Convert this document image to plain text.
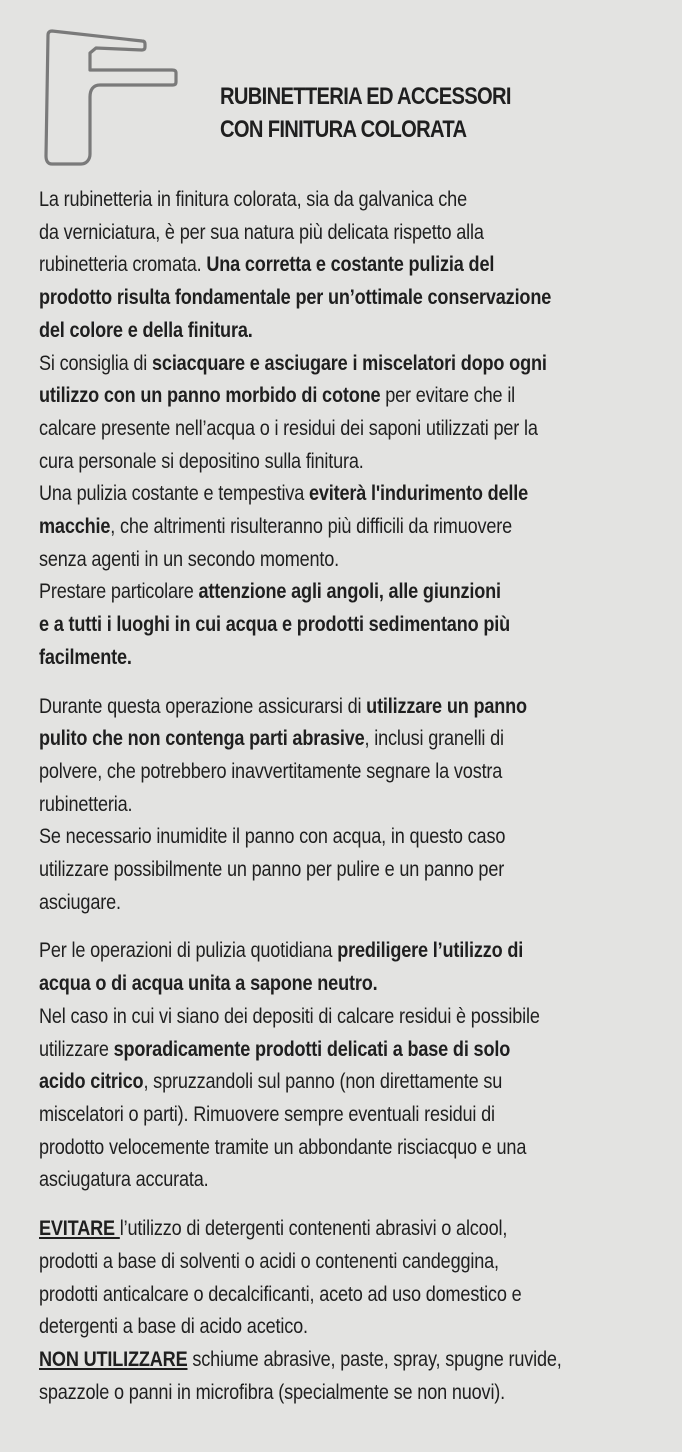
RUBINETTERIA ED ACCESSORI
CON FINITURA COLORATA

La rubinetteria in finitura colorata, sia da galvanica che
da verniciatura, è per sua natura più delicata rispetto alla
rubinetteria cromata. Una corretta e costante pulizia del
prodotto risulta fondamentale per un’ottimale conservazione
del colore e della finitura.

Si consiglia di sciacquare e asciugare i miscelatori dopo ogni
utilizzo con un panno morbido di cotone per evitare che il
calcare presente nell’acqua o i residui dei saponi utilizzati per la
cura personale si depositino sulla finitura.

Una pulizia costante e tempestiva eviterà l'indurimento delle
macchie, che altrimenti risulteranno più difficili da rimuovere
senza agenti in un secondo momento.

Prestare particolare attenzione agli angoli, alle giunzioni
e a tutti i luoghi in cui acqua e prodotti sedimentano più
facilmente.

Durante questa operazione assicurarsi di utilizzare un panno
pulito che non contenga parti abrasive, inclusi granelli di
polvere, che potrebbero inavvertitamente segnare la vostra
rubinetteria.

Se necessario inumidite il panno con acqua, in questo caso
utilizzare possibilmente un panno per pulire e un panno per
asciugare.

Per le operazioni di pulizia quotidiana prediligere l’utilizzo di
acqua o di acqua unita a sapone neutro.

Nel caso in cui vi siano dei depositi di calcare residui è possibile
utilizzare sporadicamente prodotti delicati a base di solo
acido citrico, spruzzandoli sul panno (non direttamente su
miscelatori o parti). Rimuovere sempre eventuali residui di
prodotto velocemente tramite un abbondante risciacquo e una
asciugatura accurata.

EVITARE l’utilizzo di detergenti contenenti abrasivi o alcool,
prodotti a base di solventi o acidi o contenenti candeggina,
prodotti anticalcare o decalcificanti, aceto ad uso domestico e
detergenti a base di acido acetico.

NON UTILIZZARE schiume abrasive, paste, spray, spugne ruvide,
spazzole o panni in microfibra (specialmente se non nuovi).
